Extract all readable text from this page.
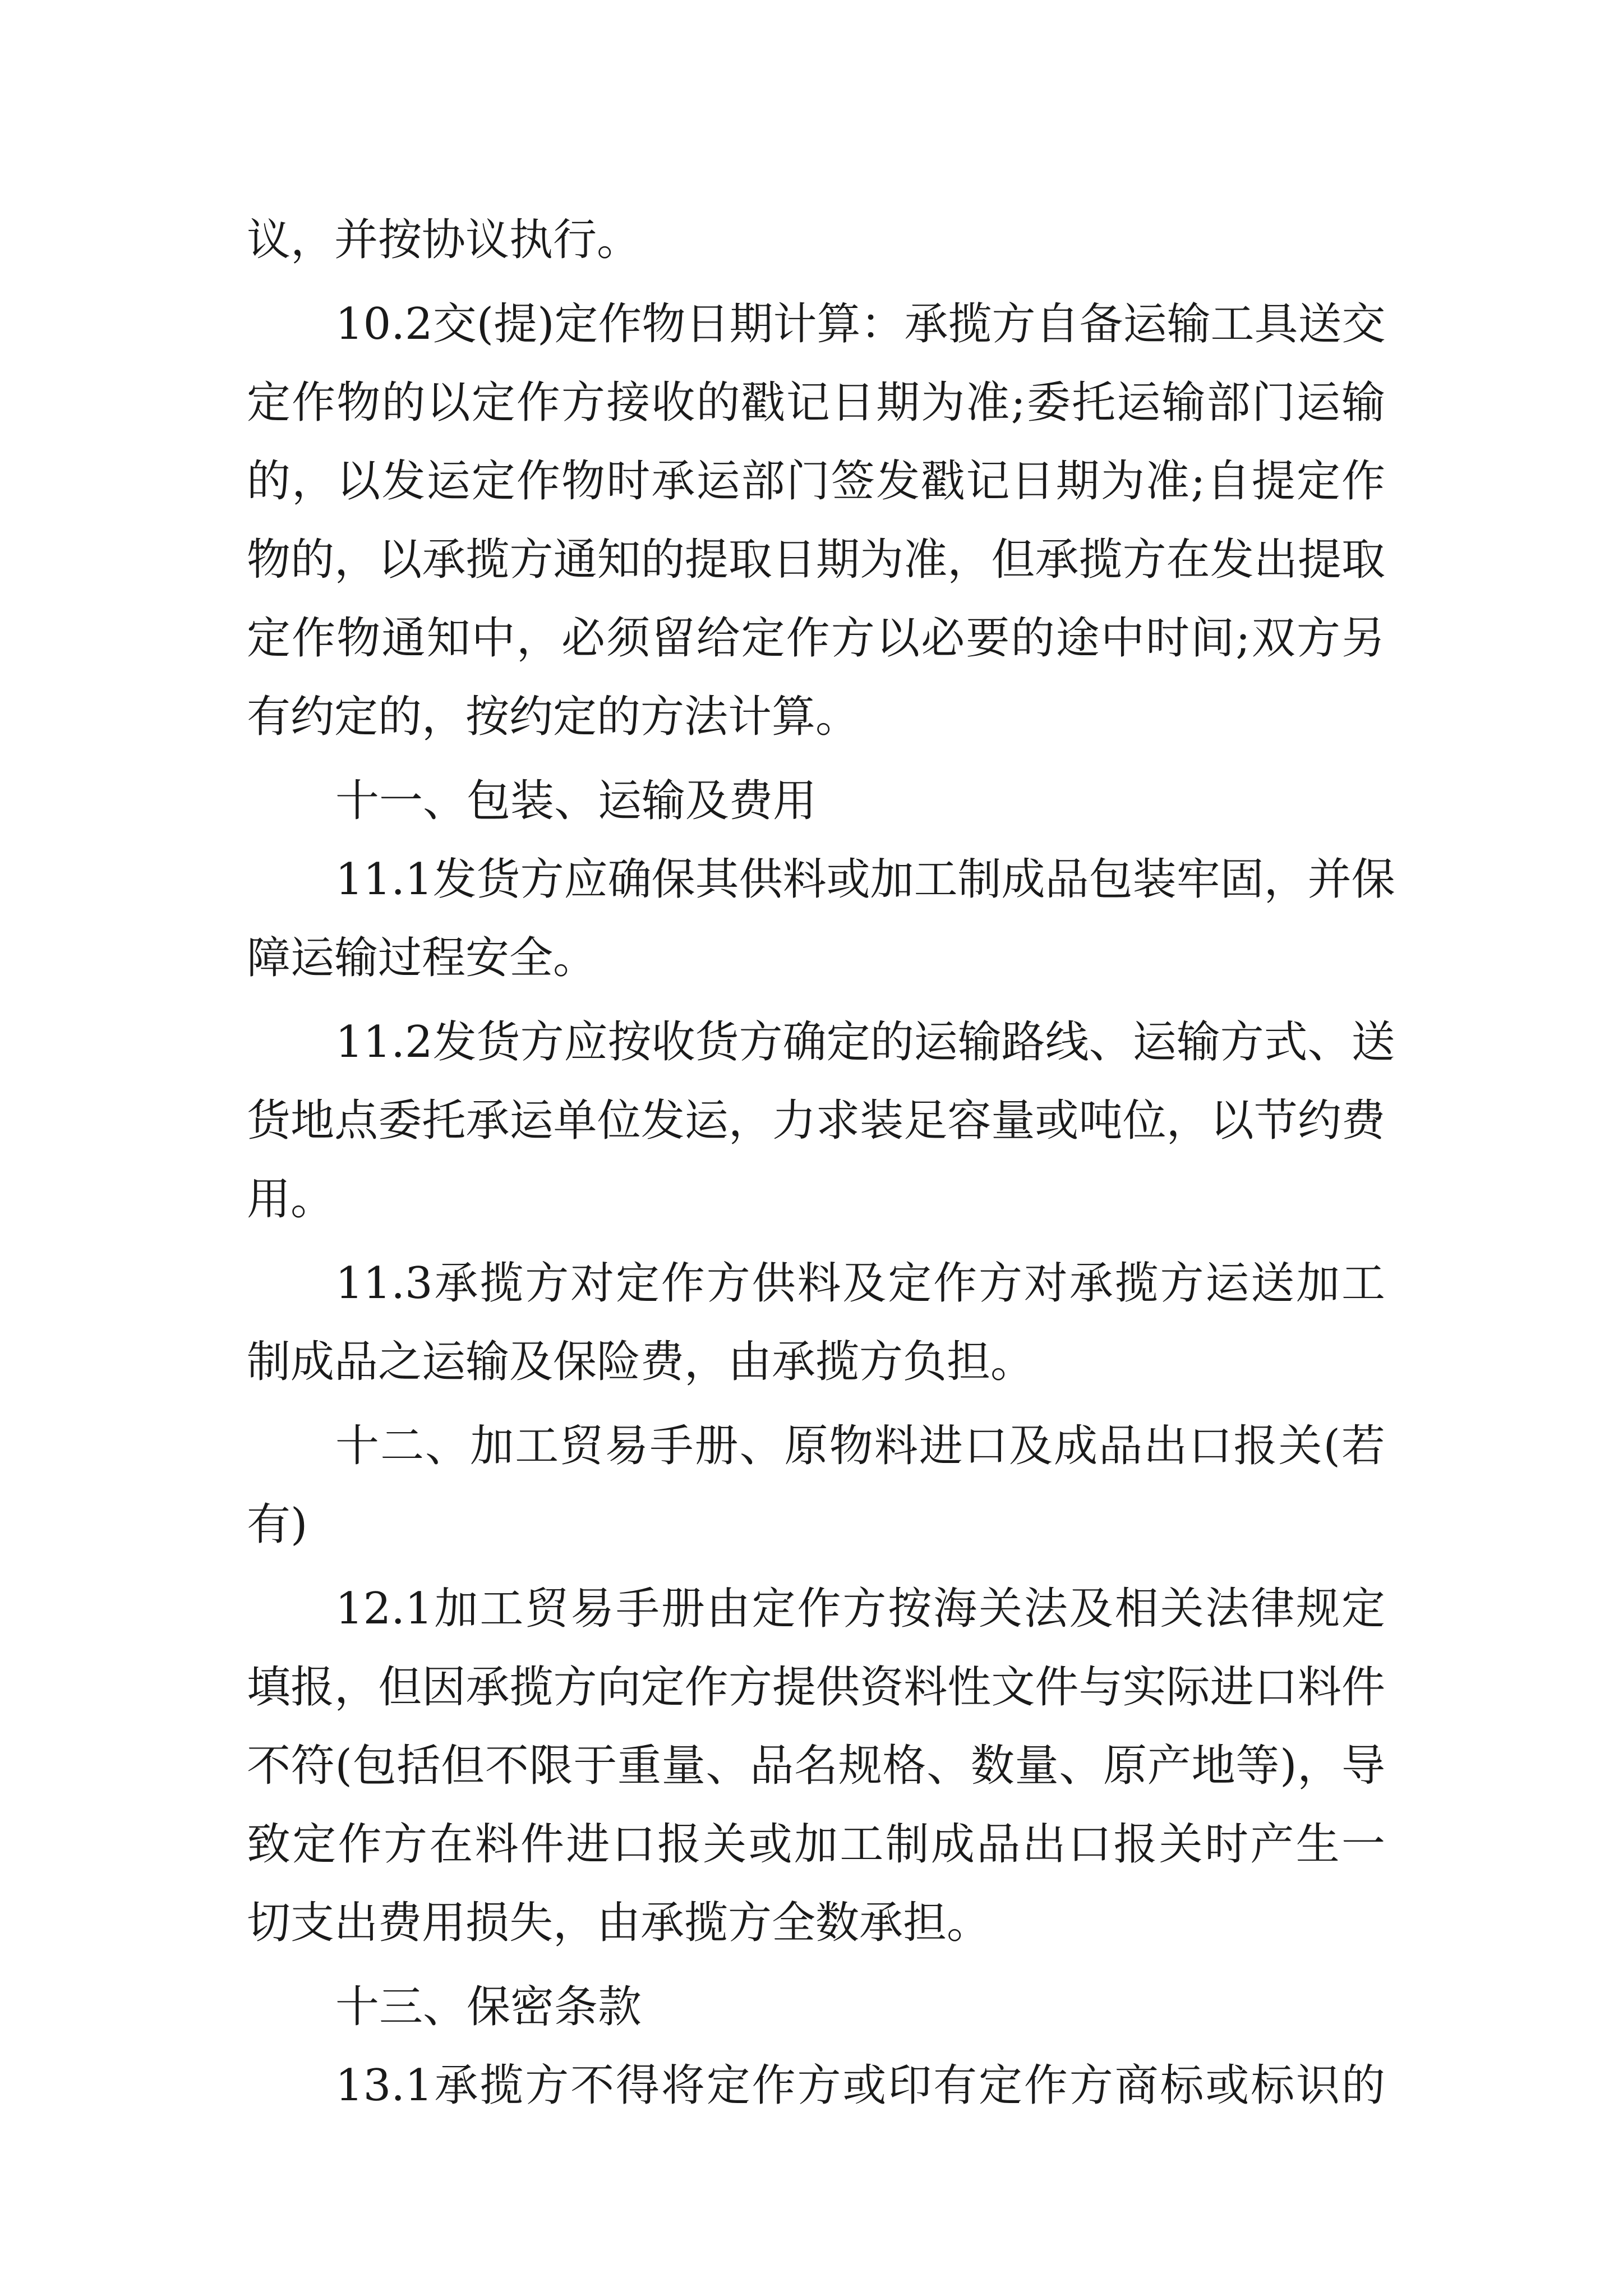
议，并按协议执行。

10.2交(提)定作物日期计算：承揽方自备运输工具送交

定作物的以定作方接收的戳记日期为准;委托运输部门运输

的，以发运定作物时承运部门签发戳记日期为准;自提定作

物的，以承揽方通知的提取日期为准，但承揽方在发出提取

定作物通知中，必须留给定作方以必要的途中时间;双方另

有约定的，按约定的方法计算。

十一、包装、运输及费用

11.1发货方应确保其供料或加工制成品包装牢固，并保

障运输过程安全。

11.2发货方应按收货方确定的运输路线、运输方式、送

货地点委托承运单位发运，力求装足容量或吨位，以节约费

用。

11.3承揽方对定作方供料及定作方对承揽方运送加工

制成品之运输及保险费，由承揽方负担。

十二、加工贸易手册、原物料进口及成品出口报关(若

有)

12.1加工贸易手册由定作方按海关法及相关法律规定

填报，但因承揽方向定作方提供资料性文件与实际进口料件

不符(包括但不限于重量、品名规格、数量、原产地等)，导

致定作方在料件进口报关或加工制成品出口报关时产生一

切支出费用损失，由承揽方全数承担。

十三、保密条款

13.1承揽方不得将定作方或印有定作方商标或标识的
